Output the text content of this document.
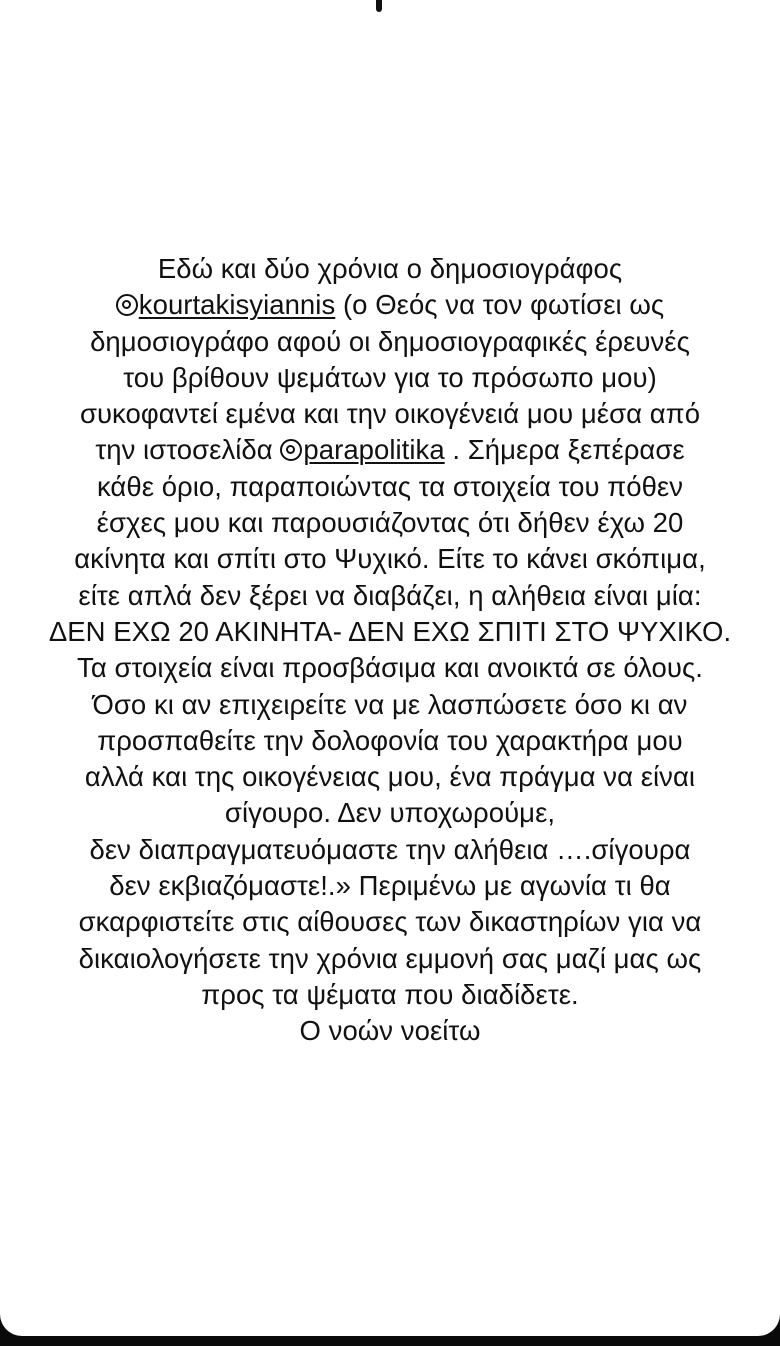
Εδώ και δύο χρόνια ο δημοσιογράφος
kourtakisyiannis (ο Θεός να τον φωτίσει ως
δημοσιογράφο αφού οι δημοσιογραφικές έρευνές
του βρίθουν ψεμάτων για το πρόσωπο μου)
συκοφαντεί εμένα και την οικογένειά μου μέσα από
την ιστοσελίδα parapolitika . Σήμερα ξεπέρασε
κάθε όριο, παραποιώντας τα στοιχεία του πόθεν
έσχες μου και παρουσιάζοντας ότι δήθεν έχω 20
ακίνητα και σπίτι στο Ψυχικό. Είτε το κάνει σκόπιμα,
είτε απλά δεν ξέρει να διαβάζει, η αλήθεια είναι μία:
ΔΕΝ ΕΧΩ 20 ΑΚΙΝΗΤΑ- ΔΕΝ ΕΧΩ ΣΠΙΤΙ ΣΤΟ ΨΥΧΙΚΟ.
Τα στοιχεία είναι προσβάσιμα και ανοικτά σε όλους.
Όσο κι αν επιχειρείτε να με λασπώσετε όσο κι αν
προσπαθείτε την δολοφονία του χαρακτήρα μου
αλλά και της οικογένειας μου, ένα πράγμα να είναι
σίγουρο. Δεν υποχωρούμε,
δεν διαπραγματευόμαστε την αλήθεια ….σίγουρα
δεν εκβιαζόμαστε!.» Περιμένω με αγωνία τι θα
σκαρφιστείτε στις αίθουσες των δικαστηρίων για να
δικαιολογήσετε την χρόνια εμμονή σας μαζί μας ως
προς τα ψέματα που διαδίδετε.
Ο νοών νοείτω
